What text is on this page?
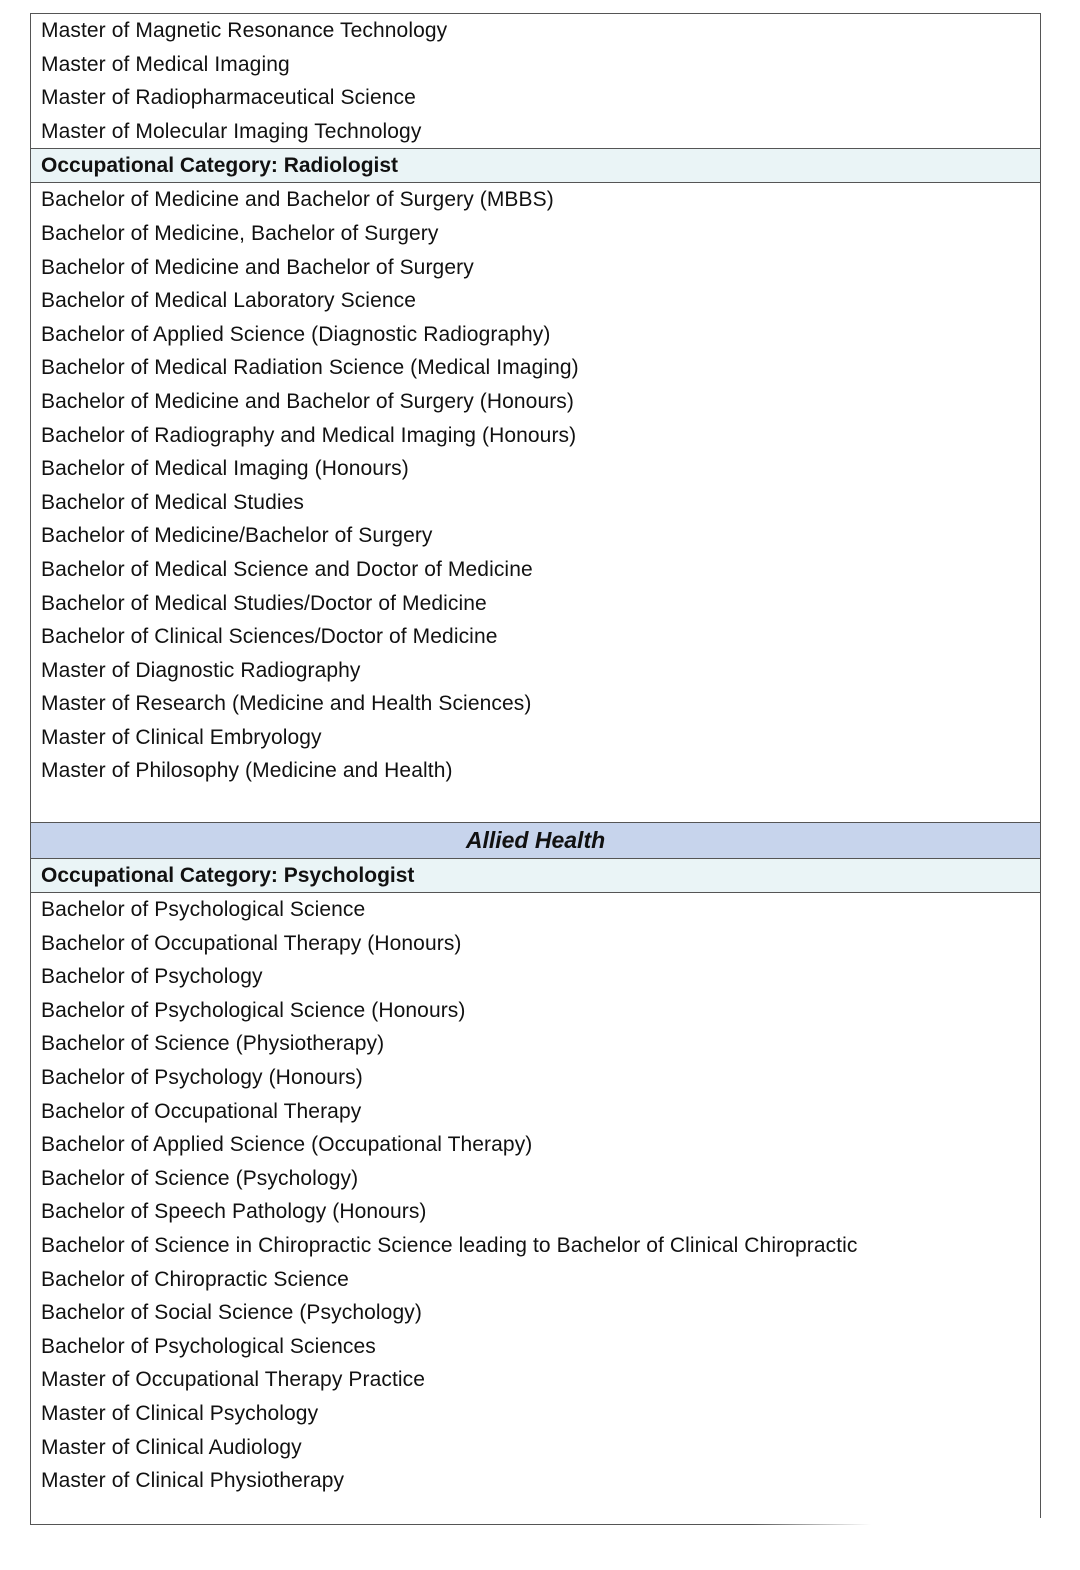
Master of Magnetic Resonance Technology
Master of Medical Imaging
Master of Radiopharmaceutical Science
Master of Molecular Imaging Technology
Occupational Category: Radiologist
Bachelor of Medicine and Bachelor of Surgery (MBBS)
Bachelor of Medicine, Bachelor of Surgery
Bachelor of Medicine and Bachelor of Surgery
Bachelor of Medical Laboratory Science
Bachelor of Applied Science (Diagnostic Radiography)
Bachelor of Medical Radiation Science (Medical Imaging)
Bachelor of Medicine and Bachelor of Surgery (Honours)
Bachelor of Radiography and Medical Imaging (Honours)
Bachelor of Medical Imaging (Honours)
Bachelor of Medical Studies
Bachelor of Medicine/Bachelor of Surgery
Bachelor of Medical Science and Doctor of Medicine
Bachelor of Medical Studies/Doctor of Medicine
Bachelor of Clinical Sciences/Doctor of Medicine
Master of Diagnostic Radiography
Master of Research (Medicine and Health Sciences)
Master of Clinical Embryology
Master of Philosophy (Medicine and Health)
Allied Health
Occupational Category: Psychologist
Bachelor of Psychological Science
Bachelor of Occupational Therapy (Honours)
Bachelor of Psychology
Bachelor of Psychological Science (Honours)
Bachelor of Science (Physiotherapy)
Bachelor of Psychology (Honours)
Bachelor of Occupational Therapy
Bachelor of Applied Science (Occupational Therapy)
Bachelor of Science (Psychology)
Bachelor of Speech Pathology (Honours)
Bachelor of Science in Chiropractic Science leading to Bachelor of Clinical Chiropractic
Bachelor of Chiropractic Science
Bachelor of Social Science (Psychology)
Bachelor of Psychological Sciences
Master of Occupational Therapy Practice
Master of Clinical Psychology
Master of Clinical Audiology
Master of Clinical Physiotherapy
